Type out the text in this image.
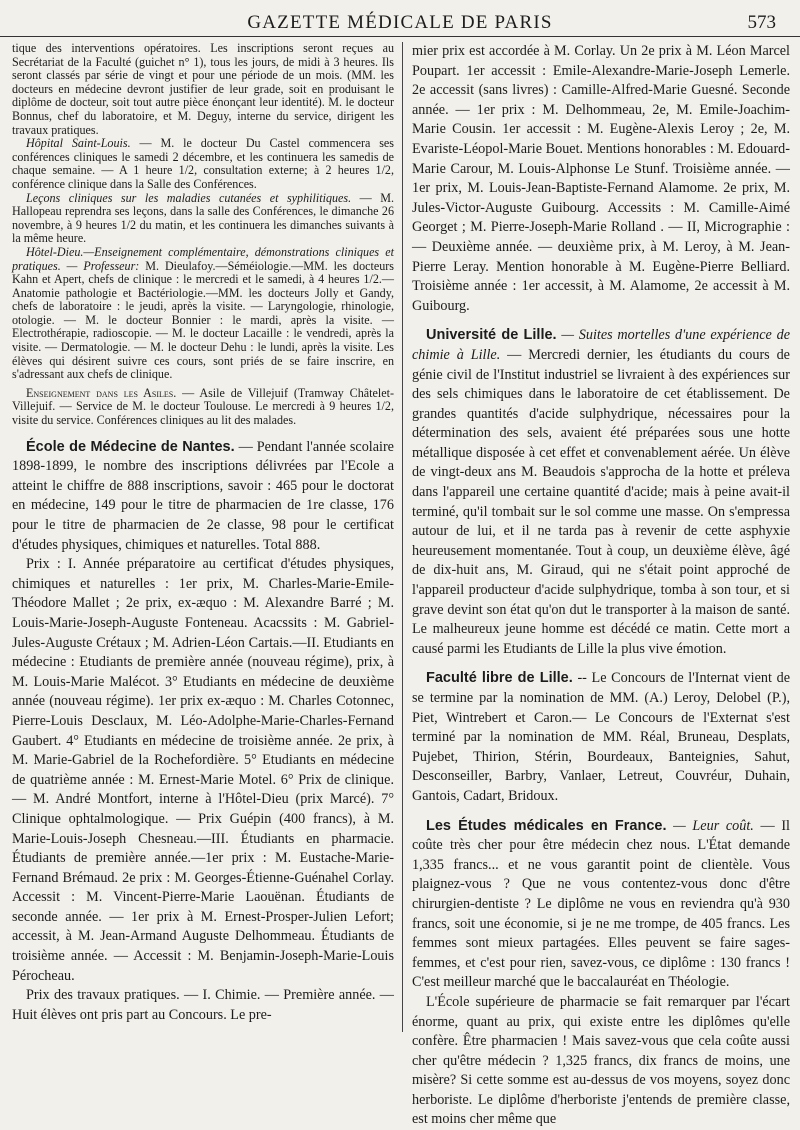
GAZETTE MÉDICALE DE PARIS	573

tique des interventions opératoires. Les inscriptions seront reçues au Secrétariat de la Faculté (guichet n° 1), tous les jours, de midi à 3 heures. Ils seront classés par série de vingt et pour une période de un mois. (MM. les docteurs en médecine devront justifier de leur grade, soit en produisant le diplôme de docteur, soit tout autre pièce énonçant leur identité). M. le docteur Bonnus, chef du laboratoire, et M. Deguy, interne du service, dirigent les travaux pratiques.

Hôpital Saint-Louis. — M. le docteur Du Castel commencera ses conférences cliniques le samedi 2 décembre, et les continuera les samedis de chaque semaine. — A 1 heure 1/2, consultation externe; à 2 heures 1/2, conférence clinique dans la Salle des Conférences.

Leçons cliniques sur les maladies cutanées et syphilitiques. — M. Hallopeau reprendra ses leçons, dans la salle des Conférences, le dimanche 26 novembre, à 9 heures 1/2 du matin, et les continuera les dimanches suivants à la même heure.

Hôtel-Dieu.—Enseignement complémentaire, démonstrations cliniques et pratiques. — Professeur: M. Dieulafoy.—Séméiologie.—MM. les docteurs Kahn et Apert, chefs de clinique : le mercredi et le samedi, à 4 heures 1/2.—Anatomie pathologie et Bactériologie.—MM. les docteurs Jolly et Gandy, chefs de laboratoire : le jeudi, après la visite. — Laryngologie, rhinologie, otologie. — M. le docteur Bonnier : le mardi, après la visite. — Electrothérapie, radioscopie. — M. le docteur Lacaille : le vendredi, après la visite. — Dermatologie. — M. le docteur Dehu : le lundi, après la visite. Les élèves qui désirent suivre ces cours, sont priés de se faire inscrire, en s'adressant aux chefs de clinique.

Enseignement dans les Asiles. — Asile de Villejuif (Tramway Châtelet-Villejuif. — Service de M. le docteur Toulouse. Le mercredi à 9 heures 1/2, visite du service. Conférences cliniques au lit des malades.

École de Médecine de Nantes. — Pendant l'année scolaire 1898-1899, le nombre des inscriptions délivrées par l'Ecole a atteint le chiffre de 888 inscriptions, savoir : 465 pour le doctorat en médecine, 149 pour le titre de pharmacien de 1re classe, 176 pour le titre de pharmacien de 2e classe, 98 pour le certificat d'études physiques, chimiques et naturelles. Total 888.

Prix : I. Année préparatoire au certificat d'études physiques, chimiques et naturelles : 1er prix, M. Charles-Marie-Emile-Théodore Mallet ; 2e prix, ex-æquo : M. Alexandre Barré ; M. Louis-Marie-Joseph-Auguste Fonteneau. Acacssits : M. Gabriel-Jules-Auguste Crétaux ; M. Adrien-Léon Cartais.—II. Etudiants en médecine : Etudiants de première année (nouveau régime), prix, à M. Louis-Marie Malécot. 3° Etudiants en médecine de deuxième année (nouveau régime). 1er prix ex-æquo : M. Charles Cotonnec, Pierre-Louis Desclaux, M. Léo-Adolphe-Marie-Charles-Fernand Gaubert. 4° Etudiants en médecine de troisième année. 2e prix, à M. Marie-Gabriel de la Rochefordière. 5° Etudiants en médecine de quatrième année : M. Ernest-Marie Motel. 6° Prix de clinique. — M. André Montfort, interne à l'Hôtel-Dieu (prix Marcé). 7° Clinique ophtalmologique. — Prix Guépin (400 francs), à M. Marie-Louis-Joseph Chesneau.—III. Étudiants en pharmacie. Étudiants de première année.—1er prix : M. Eustache-Marie-Fernand Brémaud. 2e prix : M. Georges-Étienne-Guénahel Corlay. Accessit : M. Vincent-Pierre-Marie Laouënan. Étudiants de seconde année. — 1er prix à M. Ernest-Prosper-Julien Lefort; accessit, à M. Jean-Armand Auguste Delhommeau. Étudiants de troisième année. — Accessit : M. Benjamin-Joseph-Marie-Louis Pérocheau.

Prix des travaux pratiques. — I. Chimie. — Première année. — Huit élèves ont pris part au Concours. Le pre-

mier prix est accordée à M. Corlay. Un 2e prix à M. Léon Marcel Poupart. 1er accessit : Emile-Alexandre-Marie-Joseph Lemerle. 2e accessit (sans livres) : Camille-Alfred-Marie Guesné. Seconde année. — 1er prix : M. Delhommeau, 2e, M. Emile-Joachim-Marie Cousin. 1er accessit : M. Eugène-Alexis Leroy ; 2e, M. Evariste-Léopol-Marie Bouet. Mentions honorables : M. Edouard-Marie Carour, M. Louis-Alphonse Le Stunf. Troisième année. — 1er prix, M. Louis-Jean-Baptiste-Fernand Alamome. 2e prix, M. Jules-Victor-Auguste Guibourg. Accessits : M. Camille-Aimé Georget ; M. Pierre-Joseph-Marie Rolland . — II, Micrographie : — Deuxième année. — deuxième prix, à M. Leroy, à M. Jean-Pierre Leray. Mention honorable à M. Eugène-Pierre Belliard. Troisième année : 1er accessit, à M. Alamome, 2e accessit à M. Guibourg.

Université de Lille. — Suites mortelles d'une expérience de chimie à Lille. — Mercredi dernier, les étudiants du cours de génie civil de l'Institut industriel se livraient à des expériences sur des sels chimiques dans le laboratoire de cet établissement. De grandes quantités d'acide sulphydrique, nécessaires pour la détermination des sels, avaient été préparées sous une hotte métallique disposée à cet effet et convenablement aérée. Un élève de vingt-deux ans M. Beaudois s'approcha de la hotte et préleva dans l'appareil une certaine quantité d'acide; mais à peine avait-il terminé, qu'il tombait sur le sol comme une masse. On s'empressa autour de lui, et il ne tarda pas à revenir de cette asphyxie heureusement momentanée. Tout à coup, un deuxième élève, âgé de dix-huit ans, M. Giraud, qui ne s'était point approché de l'appareil producteur d'acide sulphydrique, tomba à son tour, et si grave devint son état qu'on dut le transporter à la maison de santé. Le malheureux jeune homme est décédé ce matin. Cette mort a causé parmi les Etudiants de Lille la plus vive émotion.

Faculté libre de Lille. -- Le Concours de l'Internat vient de se termine par la nomination de MM. (A.) Leroy, Delobel (P.), Piet, Wintrebert et Caron.— Le Concours de l'Externat s'est terminé par la nomination de MM. Réal, Bruneau, Desplats, Pujebet, Thirion, Stérin, Bourdeaux, Banteignies, Sahut, Desconseiller, Barbry, Vanlaer, Letreut, Couvréur, Duhain, Gantois, Cadart, Bridoux.

Les Études médicales en France. — Leur coût. — Il coûte très cher pour être médecin chez nous. L'État demande 1,335 francs... et ne vous garantit point de clientèle. Vous plaignez-vous ? Que ne vous contentez-vous donc d'être chirurgien-dentiste ? Le diplôme ne vous en reviendra qu'à 930 francs, soit une économie, si je ne me trompe, de 405 francs. Les femmes sont mieux partagées. Elles peuvent se faire sages-femmes, et c'est pour rien, savez-vous, ce diplôme : 130 francs ! C'est meilleur marché que le baccalauréat en Théologie.

L'École supérieure de pharmacie se fait remarquer par l'écart énorme, quant au prix, qui existe entre les diplômes qu'elle confère. Être pharmacien ! Mais savez-vous que cela coûte aussi cher qu'être médecin ? 1,325 francs, dix francs de moins, une misère? Si cette somme est au-dessus de vos moyens, soyez donc herboriste. Le diplôme d'herboriste j'entends de première classe, est moins cher même que
